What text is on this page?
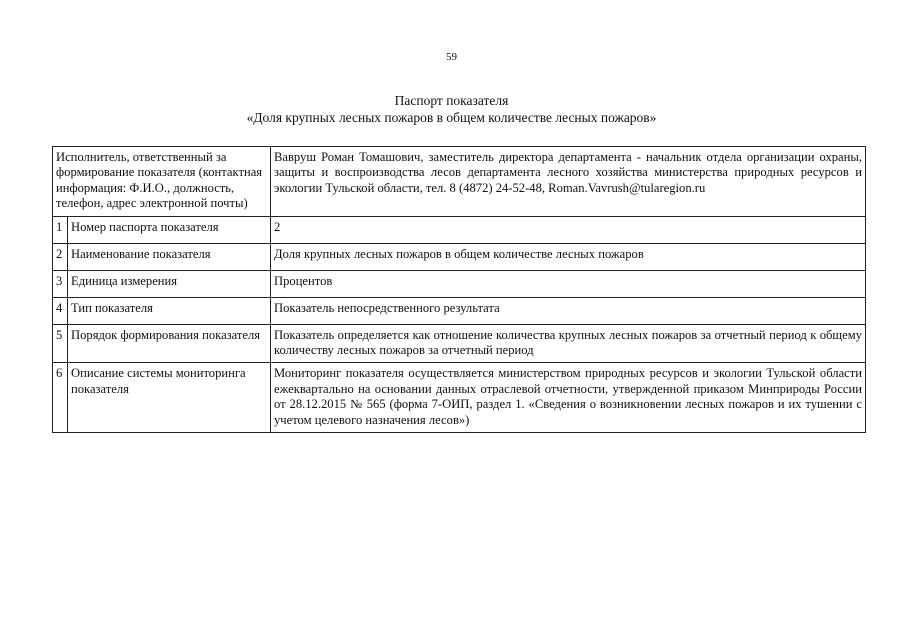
59
Паспорт показателя
«Доля крупных лесных пожаров в общем количестве лесных пожаров»
Исполнитель, ответственный за формирование показателя (контактная информация: Ф.И.О., должность, телефон, адрес электронной почты)		Вавруш Роман Томашович, заместитель директора департамента - начальник отдела организации охраны, защиты и воспроизводства лесов департамента лесного хозяйства министерства природных ресурсов и экологии Тульской области, тел. 8 (4872) 24-52-48, Roman.Vavrush@tularegion.ru
1	Номер паспорта показателя	2
2	Наименование показателя	Доля крупных лесных пожаров в общем количестве лесных пожаров
3	Единица измерения	Процентов
4	Тип показателя	Показатель непосредственного результата
5	Порядок формирования показателя	Показатель определяется как отношение количества крупных лесных пожаров за отчетный период к общему количеству лесных пожаров за отчетный период
6	Описание системы мониторинга показателя	Мониторинг показателя осуществляется министерством природных ресурсов и экологии Тульской области ежеквартально на основании данных отраслевой отчетности, утвержденной приказом Минприроды России от 28.12.2015 № 565 (форма 7-ОИП, раздел 1. «Сведения о возникновении лесных пожаров и их тушении с учетом целевого назначения лесов»)
